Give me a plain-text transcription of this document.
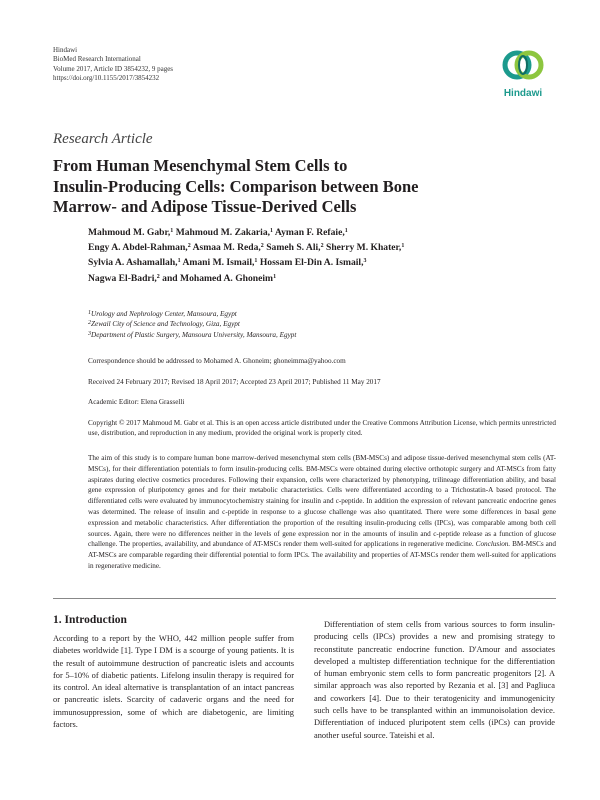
Hindawi
BioMed Research International
Volume 2017, Article ID 3854232, 9 pages
https://doi.org/10.1155/2017/3854232
Hindawi
Research Article
From Human Mesenchymal Stem Cells to
Insulin-Producing Cells: Comparison between Bone
Marrow- and Adipose Tissue-Derived Cells
Mahmoud M. Gabr,$^1$ Mahmoud M. Zakaria,$^1$ Ayman F. Refaie,$^1$
Engy A. Abdel-Rahman,$^2$ Asmaa M. Reda,$^2$ Sameh S. Ali,$^2$ Sherry M. Khater,$^1$
Sylvia A. Ashamallah,$^1$ Amani M. Ismail,$^1$ Hossam El-Din A. Ismail,$^3$
Nagwa El-Badri,$^2$ and Mohamed A. Ghoneim$^1$
$^1$Urology and Nephrology Center, Mansoura, Egypt
$^2$Zewail City of Science and Technology, Giza, Egypt
$^3$Department of Plastic Surgery, Mansoura University, Mansoura, Egypt
Correspondence should be addressed to Mohamed A. Ghoneim; ghoneimma@yahoo.com
Received 24 February 2017; Revised 18 April 2017; Accepted 23 April 2017; Published 11 May 2017
Academic Editor: Elena Grasselli
Copyright © 2017 Mahmoud M. Gabr et al. This is an open access article distributed under the Creative Commons Attribution License, which permits unrestricted use, distribution, and reproduction in any medium, provided the original work is properly cited.
The aim of this study is to compare human bone marrow-derived mesenchymal stem cells (BM-MSCs) and adipose tissue-derived mesenchymal stem cells (AT-MSCs), for their differentiation potentials to form insulin-producing cells. BM-MSCs were obtained during elective orthotopic surgery and AT-MSCs from fatty aspirates during elective cosmetics procedures. Following their expansion, cells were characterized by phenotyping, trilineage differentiation ability, and basal gene expression of pluripotency genes and for their metabolic characteristics. Cells were differentiated according to a Trichostatin-A based protocol. The differentiated cells were evaluated by immunocytochemistry staining for insulin and c-peptide. In addition the expression of relevant pancreatic endocrine genes was determined. The release of insulin and c-peptide in response to a glucose challenge was also quantitated. There were some differences in basal gene expression and metabolic characteristics. After differentiation the proportion of the resulting insulin-producing cells (IPCs), was comparable among both cell sources. Again, there were no differences neither in the levels of gene expression nor in the amounts of insulin and c-peptide release as a function of glucose challenge. The properties, availability, and abundance of AT-MSCs render them well-suited for applications in regenerative medicine. Conclusion. BM-MSCs and AT-MSCs are comparable regarding their differential potential to form IPCs. The availability and properties of AT-MSCs render them well-suited for applications in regenerative medicine.
1. Introduction

According to a report by the WHO, 442 million people suffer from diabetes worldwide [1]. Type I DM is a scourge of young patients. It is the result of autoimmune destruction of pancreatic islets and accounts for 5–10% of diabetic patients. Lifelong insulin therapy is required for its control. An ideal alternative is transplantation of an intact pancreas or pancreatic islets. Scarcity of cadaveric organs and the need for immunosuppression, some of which are diabetogenic, are limiting factors.

Differentiation of stem cells from various sources to form insulin-producing cells (IPCs) provides a new and promising strategy to reconstitute pancreatic endocrine function. D'Amour and associates developed a multistep differentiation technique for the differentiation of human embryonic stem cells to form pancreatic progenitors [2]. A similar approach was also reported by Rezania et al. [3] and Pagliuca and coworkers [4]. Due to their teratogenicity and immunogenicity such cells have to be transplanted within an immunoisolation device. Differentiation of induced pluripotent stem cells (iPCs) can provide another useful source. Tateishi et al.
